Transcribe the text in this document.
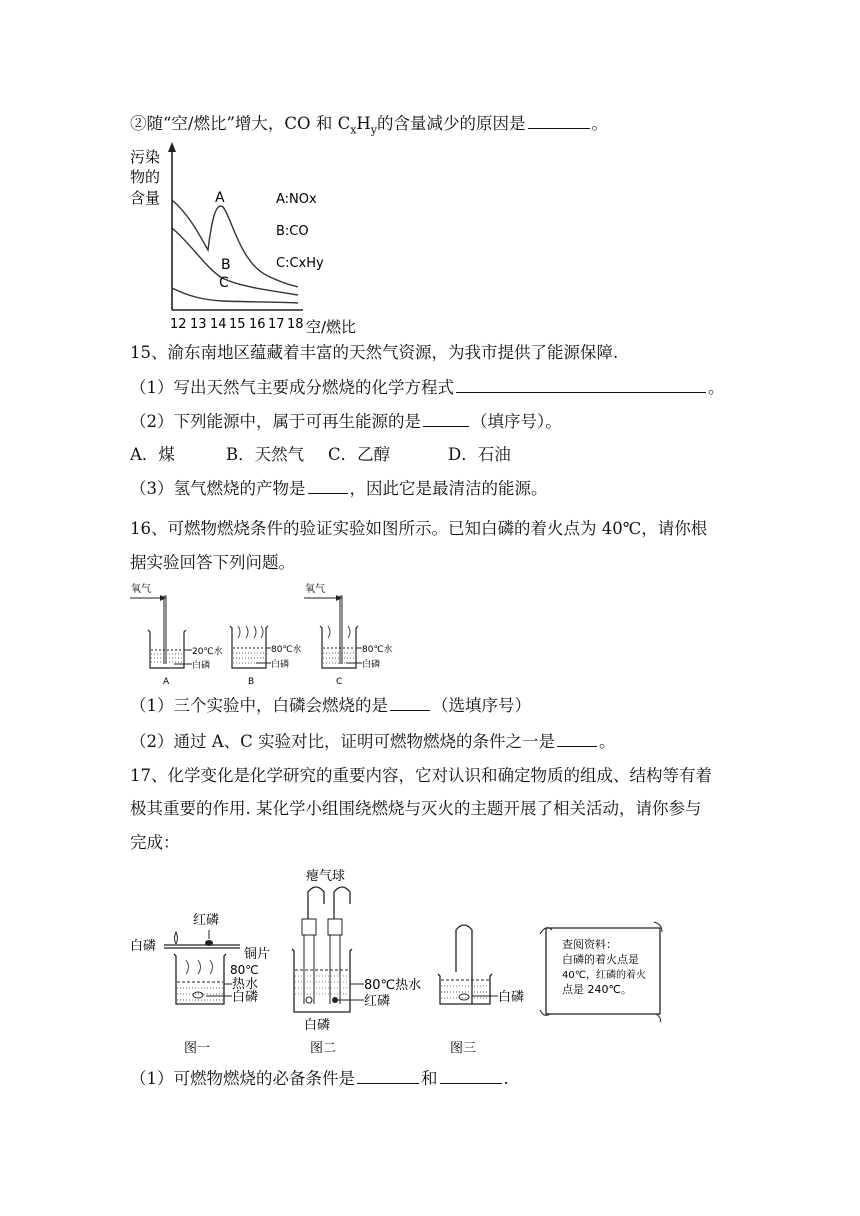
②随“空/燃比”增大，CO 和 $C_xH_y$的含量减少的原因是	。
污染
物的
含量	A
B
C
A:NOx
B:CO
C:CxHy
12 13 14 15 16 17 18 空/燃比
15、渝东南地区蕴藏着丰富的天然气资源，为我市提供了能源保障.
（1）写出天然气主要成分燃烧的化学方程式	。
（2）下列能源中，属于可再生能源的是	（填序号）。
A．煤	B．天然气 C．乙醇	D．石油
（3）氢气燃烧的产物是	，因此它是最清洁的能源。
16、可燃物燃烧条件的验证实验如图所示。已知白磷的着火点为 40℃，请你根
据实验回答下列问题。
氧气
20℃水
白磷
A
80℃水
白磷
B
氧气
80℃水
白磷
C
（1）三个实验中，白磷会燃烧的是	（选填序号）
（2）通过 A、C 实验对比，证明可燃物燃烧的条件之一是	。
17、化学变化是化学研究的重要内容，它对认识和确定物质的组成、结构等有着
极其重要的作用. 某化学小组围绕燃烧与灭火的主题开展了相关活动，请你参与
完成：
白磷
红磷
铜片
80℃
热水
白磷
图一
瘪气球
80℃热水
红磷
白磷
图二
白磷
图三
查阅资料：
白磷的着火点是
40℃，红磷的着火
点是 240℃。
（1）可燃物燃烧的必备条件是	和	.
